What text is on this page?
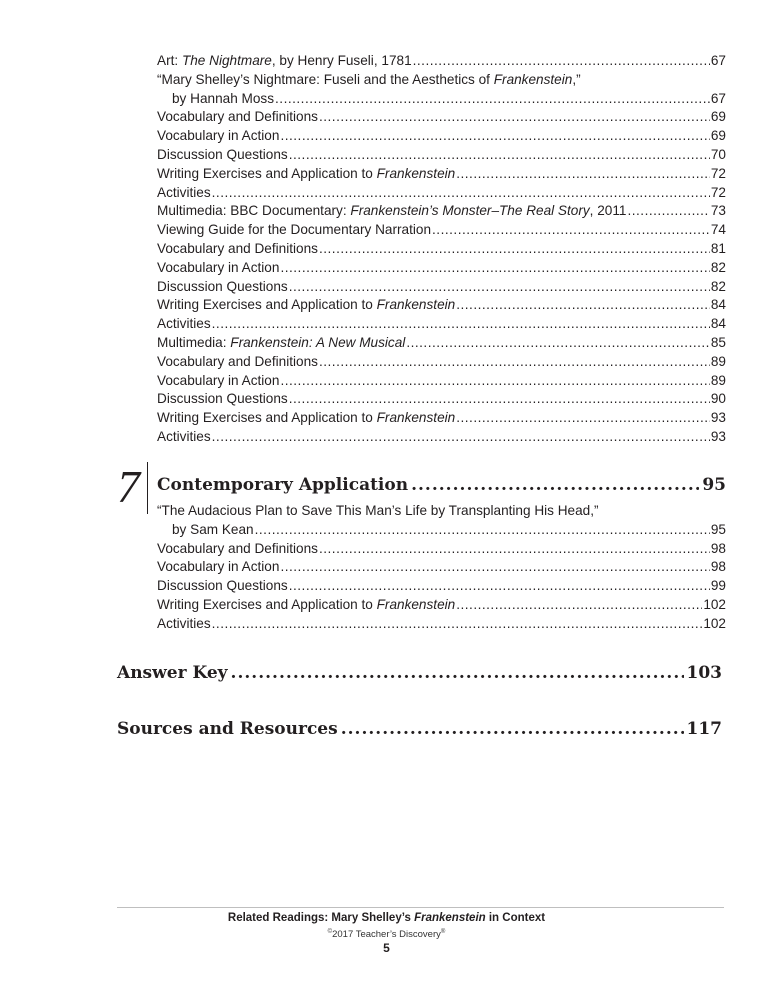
Art: The Nightmare, by Henry Fuseli, 1781 .....	67
“Mary Shelley’s Nightmare: Fuseli and the Aesthetics of Frankenstein,”
by Hannah Moss .....	67
Vocabulary and Definitions .....	69
Vocabulary in Action .....	69
Discussion Questions .....	70
Writing Exercises and Application to Frankenstein .....	72
Activities .....	72
Multimedia: BBC Documentary: Frankenstein’s Monster–The Real Story, 2011 .....	73
Viewing Guide for the Documentary Narration .....	74
Vocabulary and Definitions .....	81
Vocabulary in Action .....	82
Discussion Questions .....	82
Writing Exercises and Application to Frankenstein .....	84
Activities .....	84
Multimedia: Frankenstein: A New Musical .....	85
Vocabulary and Definitions .....	89
Vocabulary in Action .....	89
Discussion Questions .....	90
Writing Exercises and Application to Frankenstein .....	93
Activities .....	93
7 Contemporary Application .....	95
“The Audacious Plan to Save This Man’s Life by Transplanting His Head,”
by Sam Kean .....	95
Vocabulary and Definitions .....	98
Vocabulary in Action .....	98
Discussion Questions .....	99
Writing Exercises and Application to Frankenstein .....	102
Activities .....	102
Answer Key .....	103
Sources and Resources .....	117
Related Readings: Mary Shelley’s Frankenstein in Context
©2017 Teacher’s Discovery®
5
